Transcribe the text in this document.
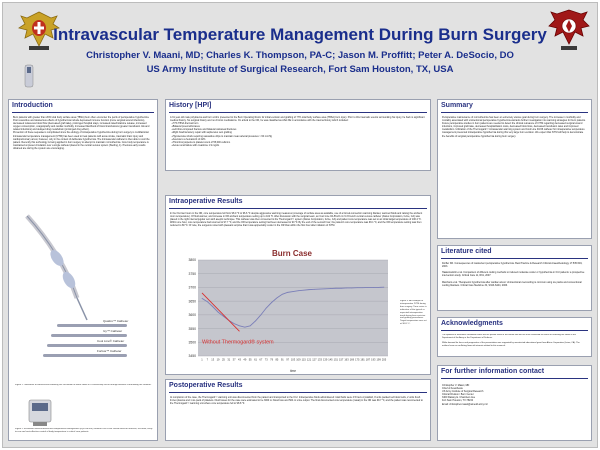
Intravascular Temperature Management During Burn Surgery
Christopher V. Maani, MD; Charles K. Thompson, PA-C; Jason M. Proffitt; Peter A. DeSocio, DO
US Army Institute of Surgical Research, Fort Sam Houston, TX, USA
Introduction
Burn patients with greater than 20% total body surface area (TBSA) burn often encounter the perils of perioperative hypothermia. Post resuscitive and deleterious effects of hypothermia include depressed immune function (more surgical wound infections), decreased cutaneous blood flow (decreased graft take), prolonged hospital stays, increased catecholamine release, increased oxygen consumption, coagulopathy and cardiac morbidity. Increased likelihood of blood transfusions (greater transfusion risk and related infections) and delayed drug metabolism (prolonged drug effect).
Prevention of these sequelae is complicated since the etiology of intraoperative hypothermia during burn surgery is multifactorial. Intravascular temperature management (IVTM) has been used to treat patients with acute stroke, traumatic brain injury and cardiopulmonary arrest, however, only in the context of deliberate hypothermia. The Intravascular catheter is then able to cool the patient. Recently this technology is being applied in burn surgery to attempt to maintain normothermia. Core body temperature is maintained at preset circulation over a single catheter placed in the central venous system (Sterling, 1). Previous early results obtained are during the system are encouraging.
Quattro™ Catheter
Icy™ Catheter
Cool Line® Catheter
Fortius™ Catheter
Figure 1. Illustration of intravascular warming are circulation of warm saline in a closed-loop circuit through balloons surrounding the catheter.
Figure 2. A catheter based intravascular temperature management (Icy/Cool line) catheter can circuit closed need for effective, accurate, easy-to-use and cost-effective control of body temperature in critical care patients.
History [HPI]
A 31 year old male polytrauma and burn victim presented to the Burn Operating Room for initial excision and grafting of 77% total body surface area (TBSA) burn injury. Prior to this traumatic events surrounding his injury, he had no significant medical history. No surgical history and no chronic medications. On arrival to the OR, he was classified as ASA 3/E in accordance with the trauma history which included:
+77% TBSA thermal burn
+Bilateral pneumothoraces
+Left tibio-computed fracture and bilateral calcaneal fractures
+Right brachial artery repair with saphenous vein grafting
+Hypotensive shock requiring vasoactive drips to maintain mean arterial pressures > 60 mmHg
+Anemia to a hematocrit of 22%
+Thrombocytopenia to platelet count of 55,000 cells/mL
+Acute renal failure with creatinine 1.9 mg/dL
Intraoperative Results
In the first two hours in the OR, core temperature fell from 98.0 °F to 96.6 °F despite aggressive warming measures (coverage of surface area as available, use of a forced-convection warming blanket, warmed fluids and raising the ambient room temperature). Of fluid warmer, and increase in OR ambient temperature setting up to 102 °F. After discussion with the surgical team, an Cool Line ICL56.22 cm 9.3 French central venous catheter (Alsius Corporation, Irvine, CA) was placed in the right internal jugular vein with aseptic technique. This catheter was then connected to the Thermogard™ system (Alsius Corporation, Irvine, CA) and patient core temperature was set to an initial target temperature of 100.4 °F. Within one hour, core temperature had returned to 97.7 °F, and the OR temperature setting had been decreased to 90 °F. By the end of the second hour, the patient's core temperature was 99.1 °F, and the OR temperature setting was then reduced to 80 °F. Of note, the surgeons noted with pleasant surprise that it was appreciably cooler in the OR than within the first hour after initiation of IVTM.
Burn Case
3450
3500
3550
3600
3650
3700
3750
3800
1 7 13 19 25 31 37 43 49 55 61 67 73 79 85 91 97 103 109 115 121 127 133 139 145 151 157 163 169 175 181 187 193 199 205
Without Thermogard® system
time
Figure 3. An example of intraoperative IVTM during burn surgery. Time series is indicative of the typical or expected intraoperative trend during burn excision and grafting procedures. Target temperature was set at 36.8 °C.
Postoperative Results
At completion of the case, the Thermogard™ warming unit was disconnected from the patient and transported to the ICU. Intraoperative fluids administered: total fluids were 4.5 liters crystalloid, 8 units packed red blood cells, 2 units fresh frozen plasma and 1 six-pack of platelets. Fluid losses for the case were estimated to be 3000 cc blood loss and 500 cc urine output. The final documented core temperature (nasal) in the OR was 99.7 °F, and the patient was reconnected to the Thermogard™ warming unit where core temperature fell to 98.8 °F.
Summary
Perioperative maintenance of normothermia has been an extremely elusive goal during burn surgery. The increase in morbidity and mortality associated with unintentional perioperative hypothermia warrants further investigation into warming strategies for burn patients. Future perioperative studies in burn patients are needed to detect the clinical relevance of IVTM regarding decreased surgical wound infections, improved graft take, decreased hospitalization costs, decreased blood loss, decreased transfusion rates and improved metabolism. Utilization of the Thermogard™ intravascular warming system and Cool Line ICL56 catheter for intraoperative temperature management prevented intraoperative hypothermia during this very large burn excision. We expect that IVTM will help to demonstrate the benefits of surgical perioperative hypothermia during burn surgery.
Literature cited
Dorfler KR. Consequences of inadvertent perioperative hypothermia. Best Practice & Research Clinical Anaesthesiology 17:535-549, 2003.

Haakonsdottir et al. Comparison of different cooling methods to induced moderate cooler or hypothermia in ICU patients: a prospective intervention study. Critical Care 11, R91, 2007.

Marchant et al. Therapeutic hypothermia after cardiac arrest: Unintentional overcooling is common using ice packs and conventional cooling blankets. Critical Care Medicine 34, S343-S444, 2006.
Acknowledgments
The opinions or assertions contained herein are the private views of the author and are not to be construed as official or reflecting the views of the Department of the Army or the Department of Defense.

While deemed for focus and prognostics of the presentation was supported by unrestricted educational grant from Alsius Corporation (Irvine, CA). The authors have no conflicting financial interests related to this research.
For further information contact
Christopher V. Maani, MD
Chief of Anesthesia
US Army Institute of Surgical Research
Clinical Division / Burn Center
3400 Rawley E. Chambers Ave
Fort Sam Houston, TX 78234
Email: christopher.maani@amedd.army.mil
